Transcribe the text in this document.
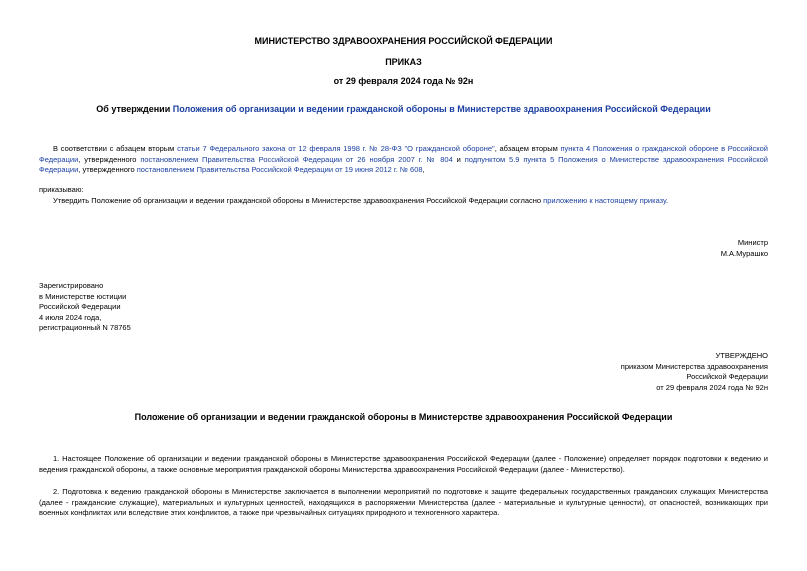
МИНИСТЕРСТВО ЗДРАВООХРАНЕНИЯ РОССИЙСКОЙ ФЕДЕРАЦИИ
ПРИКАЗ
от 29 февраля 2024 года № 92н
Об утверждении Положения об организации и ведении гражданской обороны в Министерстве здравоохранения Российской Федерации
В соответствии с абзацем вторым статьи 7 Федерального закона от 12 февраля 1998 г. № 28-ФЗ "О гражданской обороне", абзацем вторым пункта 4 Положения о гражданской обороне в Российской Федерации, утвержденного постановлением Правительства Российской Федерации от 26 ноября 2007 г. № 804 и подпунктом 5.9 пункта 5 Положения о Министерстве здравоохранения Российской Федерации, утвержденного постановлением Правительства Российской Федерации от 19 июня 2012 г. № 608,
приказываю:
Утвердить Положение об организации и ведении гражданской обороны в Министерстве здравоохранения Российской Федерации согласно приложению к настоящему приказу.
Министр
М.А.Мурашко
Зарегистрировано
в Министерстве юстиции
Российской Федерации
4 июля 2024 года,
регистрационный N 78765
УТВЕРЖДЕНО
приказом Министерства здравоохранения
Российской Федерации
от 29 февраля 2024 года № 92н
Положение об организации и ведении гражданской обороны в Министерстве здравоохранения Российской Федерации
1. Настоящее Положение об организации и ведении гражданской обороны в Министерстве здравоохранения Российской Федерации (далее - Положение) определяет порядок подготовки к ведению и ведения гражданской обороны, а также основные мероприятия гражданской обороны Министерства здравоохранения Российской Федерации (далее - Министерство).
2. Подготовка к ведению гражданской обороны в Министерстве заключается в выполнении мероприятий по подготовке к защите федеральных государственных гражданских служащих Министерства (далее - гражданские служащие), материальных и культурных ценностей, находящихся в распоряжении Министерства (далее - материальные и культурные ценности), от опасностей, возникающих при военных конфликтах или вследствие этих конфликтов, а также при чрезвычайных ситуациях природного и техногенного характера.
